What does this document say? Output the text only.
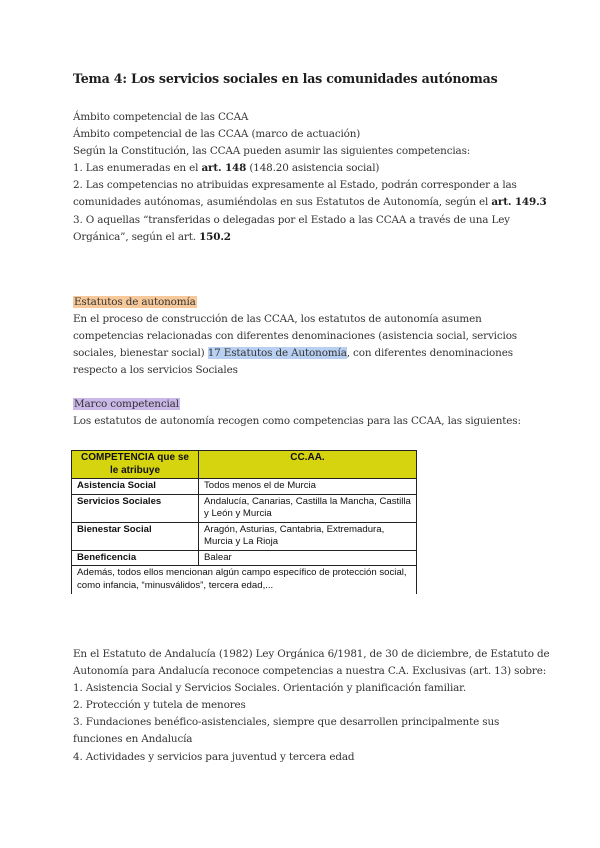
Tema 4: Los servicios sociales en las comunidades autónomas
Ámbito competencial de las CCAA
Ámbito competencial de las CCAA (marco de actuación)
Según la Constitución, las CCAA pueden asumir las siguientes competencias:
1. Las enumeradas en el art. 148 (148.20 asistencia social)
2. Las competencias no atribuidas expresamente al Estado, podrán corresponder a las
comunidades autónomas, asumiéndolas en sus Estatutos de Autonomía, según el art. 149.3
3. O aquellas “transferidas o delegadas por el Estado a las CCAA a través de una Ley
Orgánica”, según el art. 150.2
Estatutos de autonomía
En el proceso de construcción de las CCAA, los estatutos de autonomía asumen
competencias relacionadas con diferentes denominaciones (asistencia social, servicios
sociales, bienestar social) 17 Estatutos de Autonomía, con diferentes denominaciones
respecto a los servicios Sociales
Marco competencial
Los estatutos de autonomía recogen como competencias para las CCAA, las siguientes:
COMPETENCIA que se le atribuye	CC.AA.
Asistencia Social	Todos menos el de Murcia
Servicios Sociales	Andalucía, Canarias, Castilla la Mancha, Castilla y León y Murcia
Bienestar Social	Aragón, Asturias, Cantabria, Extremadura, Murcia y La Rioja
Beneficencia	Balear
Además, todos ellos mencionan algún campo específico de protección social, como infancia, “minusválidos”, tercera edad,...	
En el Estatuto de Andalucía (1982) Ley Orgánica 6/1981, de 30 de diciembre, de Estatuto de
Autonomía para Andalucía reconoce competencias a nuestra C.A. Exclusivas (art. 13) sobre:
1. Asistencia Social y Servicios Sociales. Orientación y planificación familiar.
2. Protección y tutela de menores
3. Fundaciones benéfico-asistenciales, siempre que desarrollen principalmente sus
funciones en Andalucía
4. Actividades y servicios para juventud y tercera edad
